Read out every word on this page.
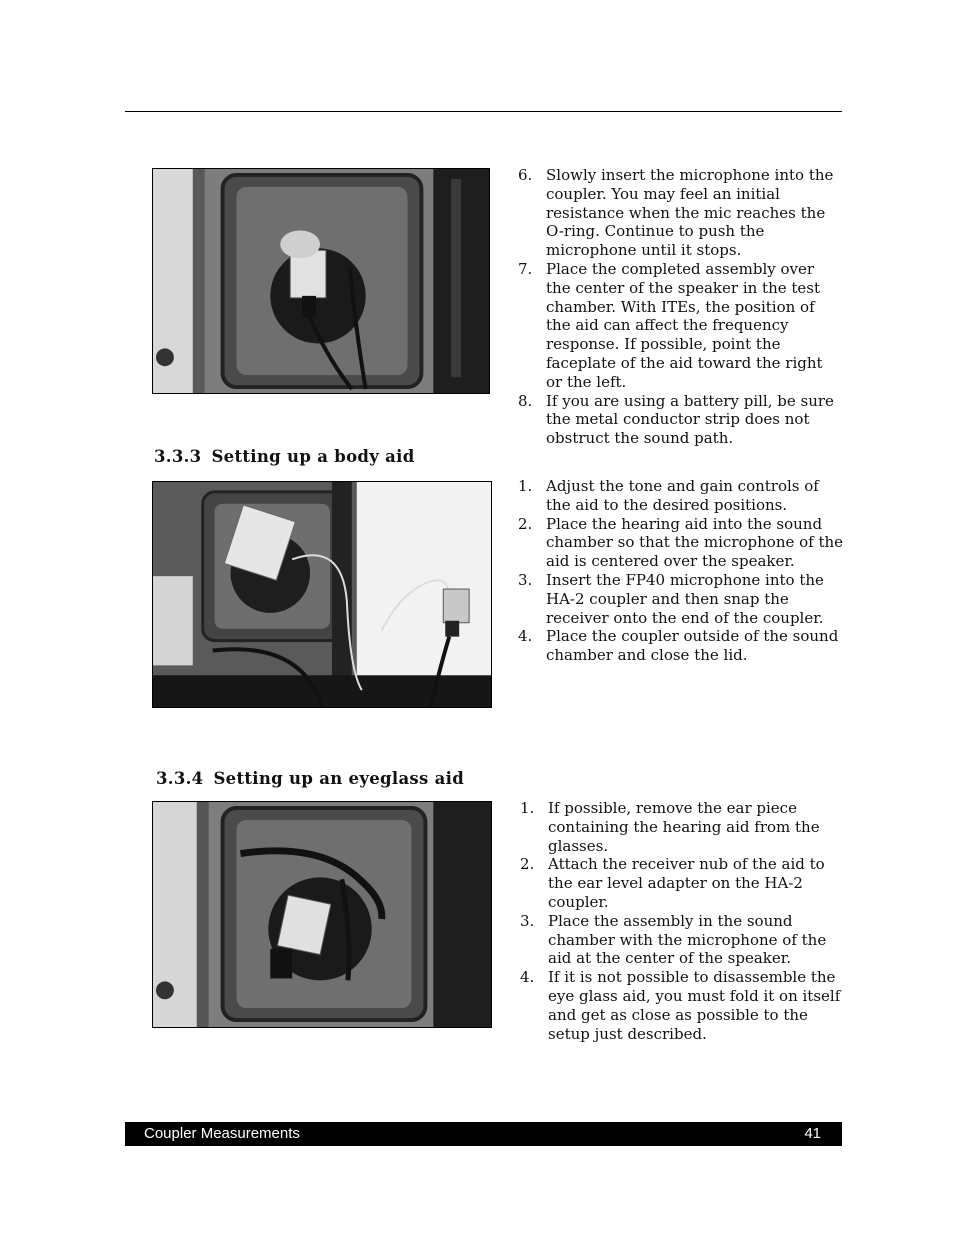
6. Slowly insert the microphone into the coupler. You may feel an initial resistance when the mic reaches the O-ring. Continue to push the microphone until it stops.
7. Place the completed assembly over the center of the speaker in the test chamber. With ITEs, the position of the aid can affect the frequency response. If possible, point the faceplate of the aid toward the right or the left.
8. If you are using a battery pill, be sure the metal conductor strip does not obstruct the sound path.
3.3.3 Setting up a body aid
1. Adjust the tone and gain controls of the aid to the desired positions.
2. Place the hearing aid into the sound chamber so that the microphone of the aid is centered over the speaker.
3. Insert the FP40 microphone into the HA-2 coupler and then snap the receiver onto the end of the coupler.
4. Place the coupler outside of the sound chamber and close the lid.
3.3.4 Setting up an eyeglass aid
1. If possible, remove the ear piece containing the hearing aid from the glasses.
2. Attach the receiver nub of the aid to the ear level adapter on the HA-2 coupler.
3. Place the assembly in the sound chamber with the microphone of the aid at the center of the speaker.
4. If it is not possible to disassemble the eye glass aid, you must fold it on itself and get as close as possible to the setup just described.
Coupler Measurements	41
